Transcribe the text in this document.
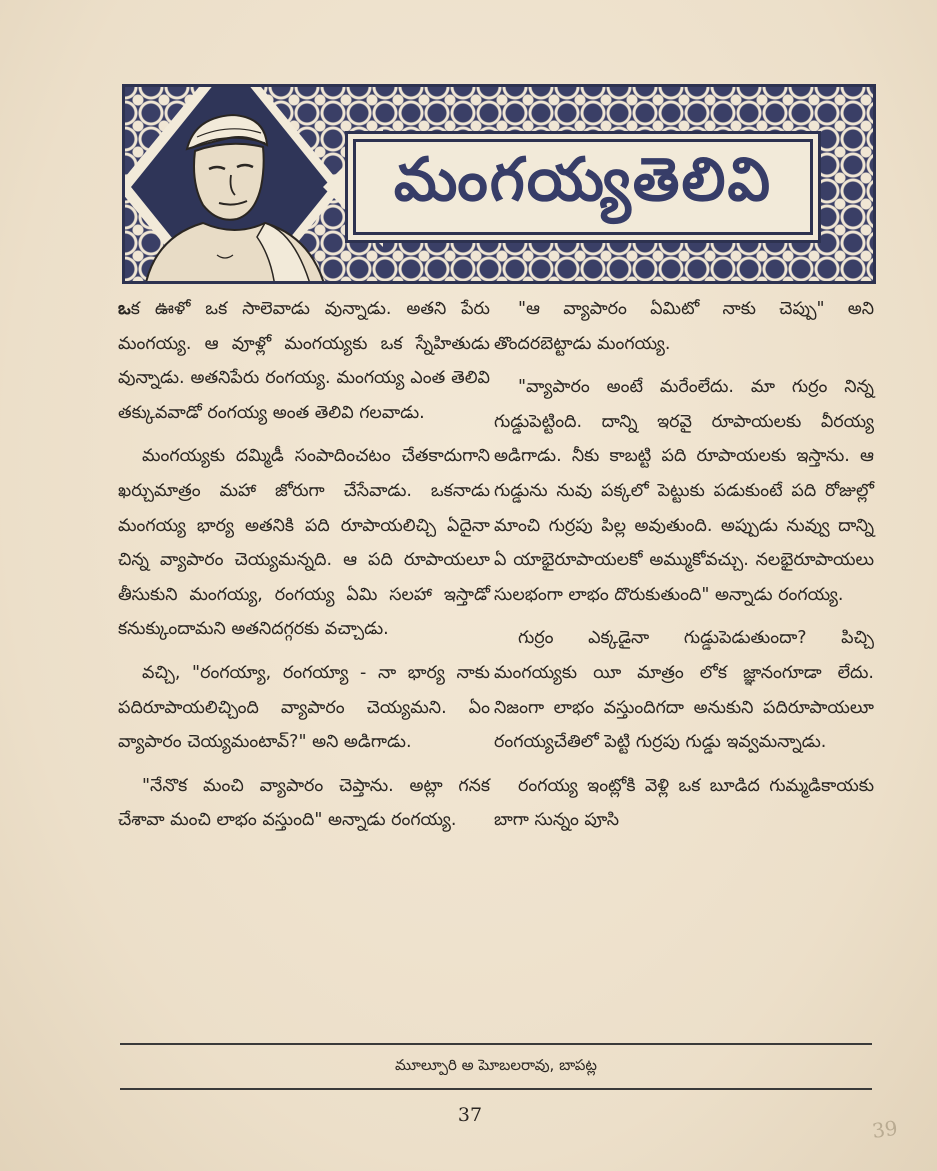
మంగయ్యతెలివి

ఒక ఊళో ఒక సాలెవాడు వున్నాడు. అతని పేరు మంగయ్య. ఆ వూళ్లో మంగయ్యకు ఒక స్నేహితుడు వున్నాడు. అతనిపేరు రంగయ్య. మంగయ్య ఎంత తెలివి తక్కువవాడో రంగయ్య అంత తెలివి గలవాడు.

మంగయ్యకు దమ్మిడీ సంపాదించటం చేతకాదుగాని ఖర్చుమాత్రం మహా జోరుగా చేసేవాడు. ఒకనాడు మంగయ్య భార్య అతనికి పది రూపాయలిచ్చి ఏదైనా చిన్న వ్యాపారం చెయ్యమన్నది. ఆ పది రూపాయలూ తీసుకుని మంగయ్య, రంగయ్య ఏమి సలహా ఇస్తాడో కనుక్కుందామని అతనిదగ్గరకు వచ్చాడు.

వచ్చి, "రంగయ్యా, రంగయ్యా - నా భార్య నాకు పదిరూపాయలిచ్చింది వ్యాపారం చెయ్యమని. ఏం వ్యాపారం చెయ్యమంటావ్?" అని అడిగాడు.

"నేనొక మంచి వ్యాపారం చెప్తాను. అట్లా గనక చేశావా మంచి లాభం వస్తుంది" అన్నాడు రంగయ్య.

"ఆ వ్యాపారం ఏమిటో నాకు చెప్పు" అని తొందరబెట్టాడు మంగయ్య.

"వ్యాపారం అంటే మరేంలేదు. మా గుర్రం నిన్న గుడ్డుపెట్టింది. దాన్ని ఇరవై రూపాయలకు వీరయ్య అడిగాడు. నీకు కాబట్టి పది రూపాయలకు ఇస్తాను. ఆ గుడ్డును నువు పక్కలో పెట్టుకు పడుకుంటే పది రోజుల్లో మాంచి గుర్రపు పిల్ల అవుతుంది. అప్పుడు నువ్వు దాన్ని ఏ యాభైరూపాయలకో అమ్ముకోవచ్చు. నలభైరూపాయలు సులభంగా లాభం దొరుకుతుంది" అన్నాడు రంగయ్య.

గుర్రం ఎక్కడైనా గుడ్డుపెడుతుందా? పిచ్చి మంగయ్యకు యీ మాత్రం లోక జ్ఞానంగూడా లేదు. నిజంగా లాభం వస్తుందిగదా అనుకుని పదిరూపాయలూ రంగయ్యచేతిలో పెట్టి గుర్రపు గుడ్డు ఇవ్వమన్నాడు.

రంగయ్య ఇంట్లోకి వెళ్లి ఒక బూడిద గుమ్మడికాయకు బాగా సున్నం పూసి

మూల్పూరి అ పెూబలరావు, బాపట్ల
37
39
